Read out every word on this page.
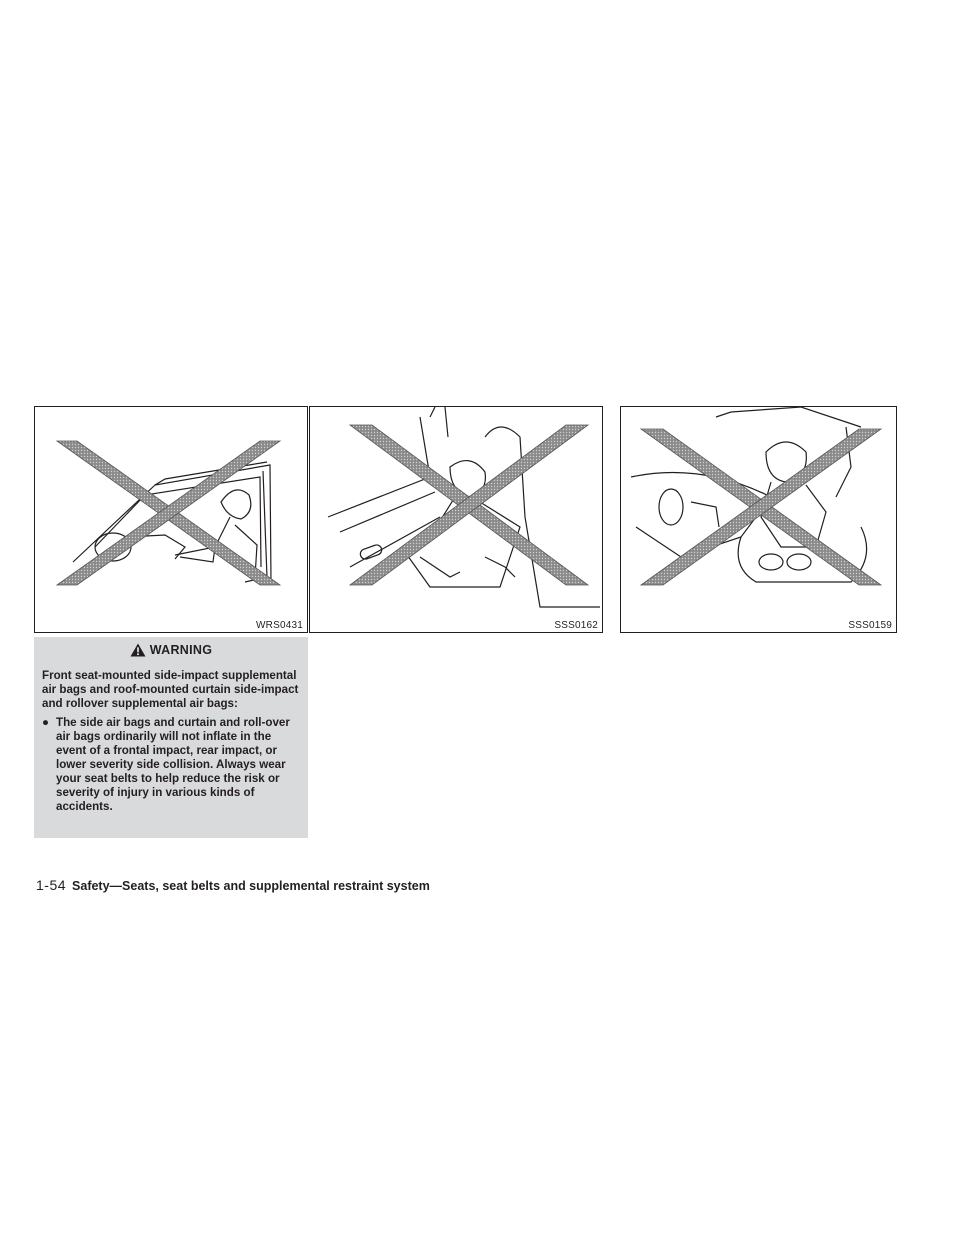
WRS0431	SSS0162	SSS0159
WARNING

Front seat-mounted side-impact supplemental air bags and roof-mounted curtain side-impact and rollover supplemental air bags:

● The side air bags and curtain and roll-over air bags ordinarily will not inflate in the event of a frontal impact, rear impact, or lower severity side collision. Always wear your seat belts to help reduce the risk or severity of injury in various kinds of accidents.
1-54 Safety—Seats, seat belts and supplemental restraint system
